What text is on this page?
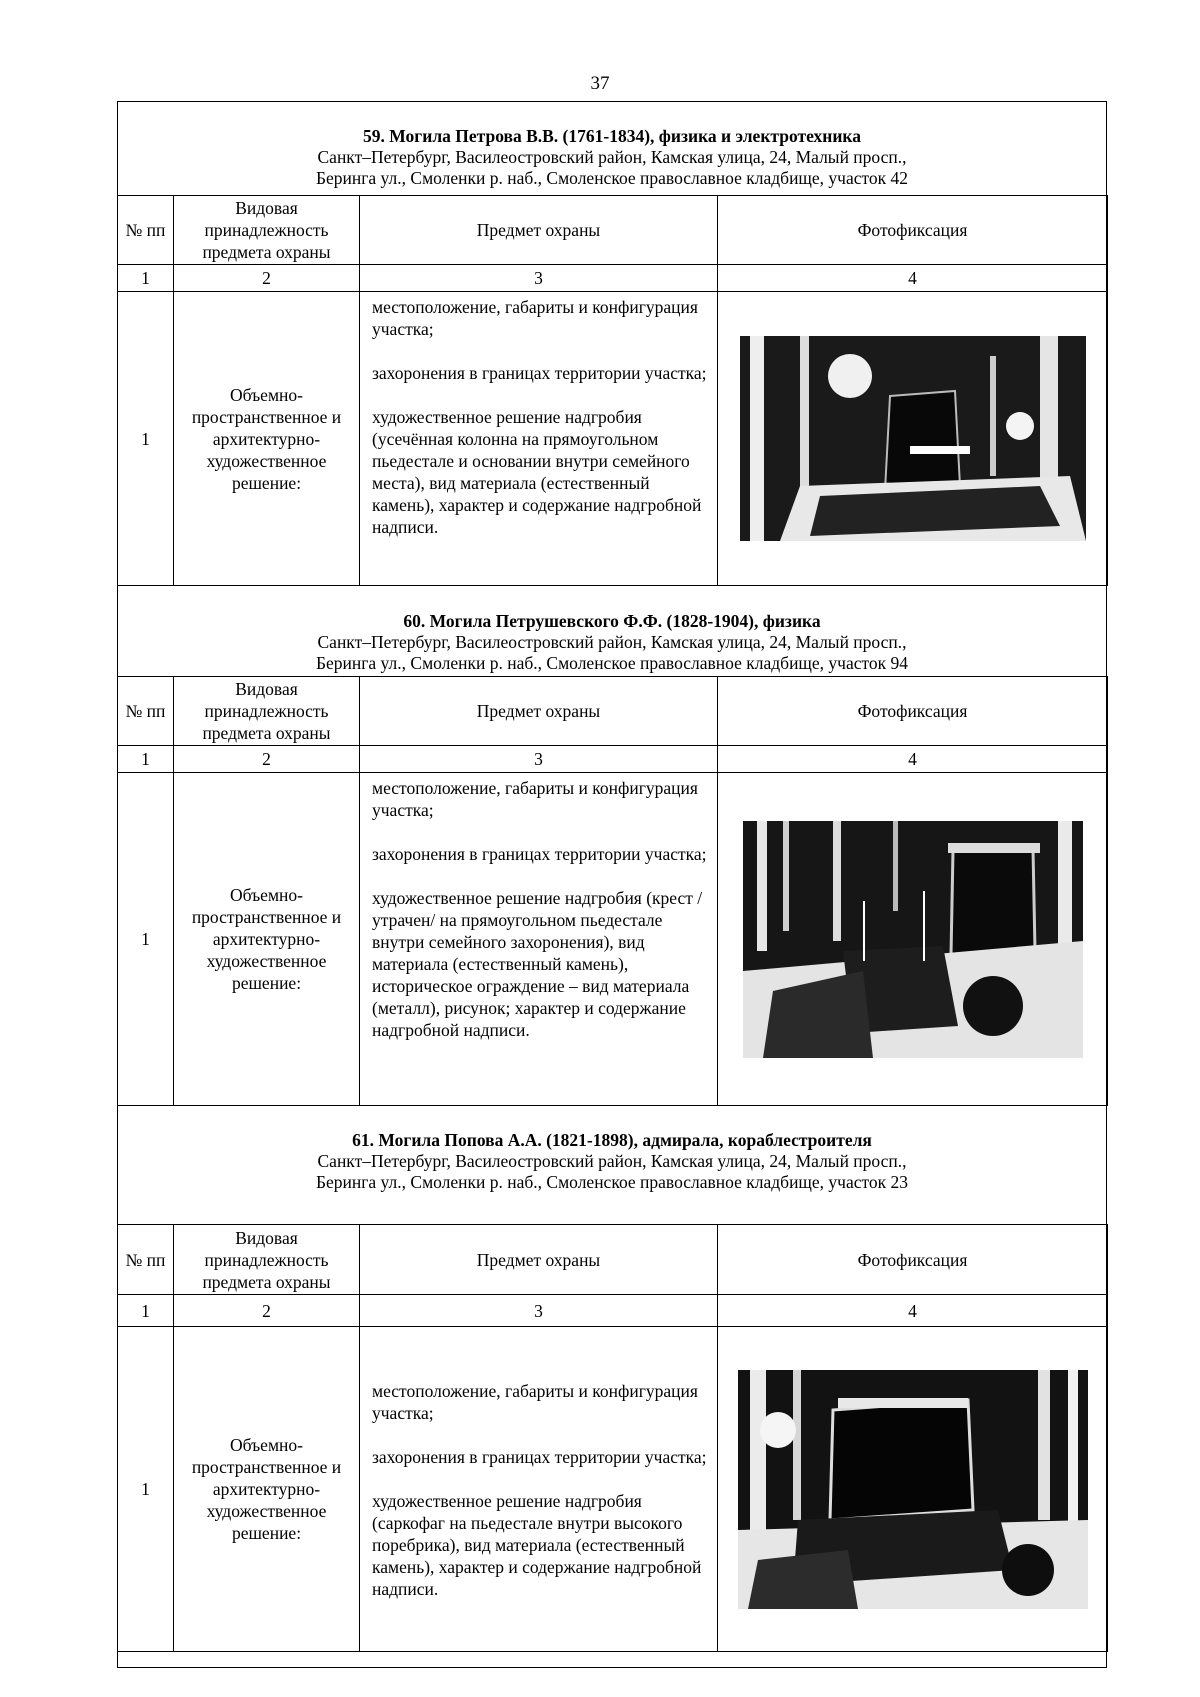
37
59. Могила Петрова В.В. (1761-1834), физика и электротехника
Санкт–Петербург, Василеостровский район, Камская улица, 24, Малый просп.,
Беринга ул., Смоленки р. наб., Смоленское православное кладбище, участок 42
№ пп	Видовая принадлежность предмета охраны	Предмет охраны	Фотофиксация
1	2	3	4
1	Объемно-пространственное и архитектурно-художественное решение:	местоположение, габариты и конфигурация участка;

захоронения в границах территории участка;

художественное решение надгробия (усечённая колонна на прямоугольном пьедестале и основании внутри семейного места), вид материала (естественный камень), характер и содержание надгробной надписи.

60. Могила Петрушевского Ф.Ф. (1828-1904), физика
Санкт–Петербург, Василеостровский район, Камская улица, 24, Малый просп.,
Беринга ул., Смоленки р. наб., Смоленское православное кладбище, участок 94
№ пп	Видовая принадлежность предмета охраны	Предмет охраны	Фотофиксация
1	2	3	4
1	Объемно-пространственное и архитектурно-художественное решение:	местоположение, габариты и конфигурация участка;

захоронения в границах территории участка;

художественное решение надгробия (крест /утрачен/ на прямоугольном пьедестале внутри семейного захоронения), вид материала (естественный камень), историческое ограждение – вид материала (металл), рисунок; характер и содержание надгробной надписи.

61. Могила Попова А.А. (1821-1898), адмирала, кораблестроителя
Санкт–Петербург, Василеостровский район, Камская улица, 24, Малый просп.,
Беринга ул., Смоленки р. наб., Смоленское православное кладбище, участок 23
№ пп	Видовая принадлежность предмета охраны	Предмет охраны	Фотофиксация
1	2	3	4
1	Объемно-пространственное и архитектурно-художественное решение:	местоположение, габариты и конфигурация участка;

захоронения в границах территории участка;

художественное решение надгробия (саркофаг на пьедестале внутри высокого поребрика), вид материала (естественный камень), характер и содержание надгробной надписи.
